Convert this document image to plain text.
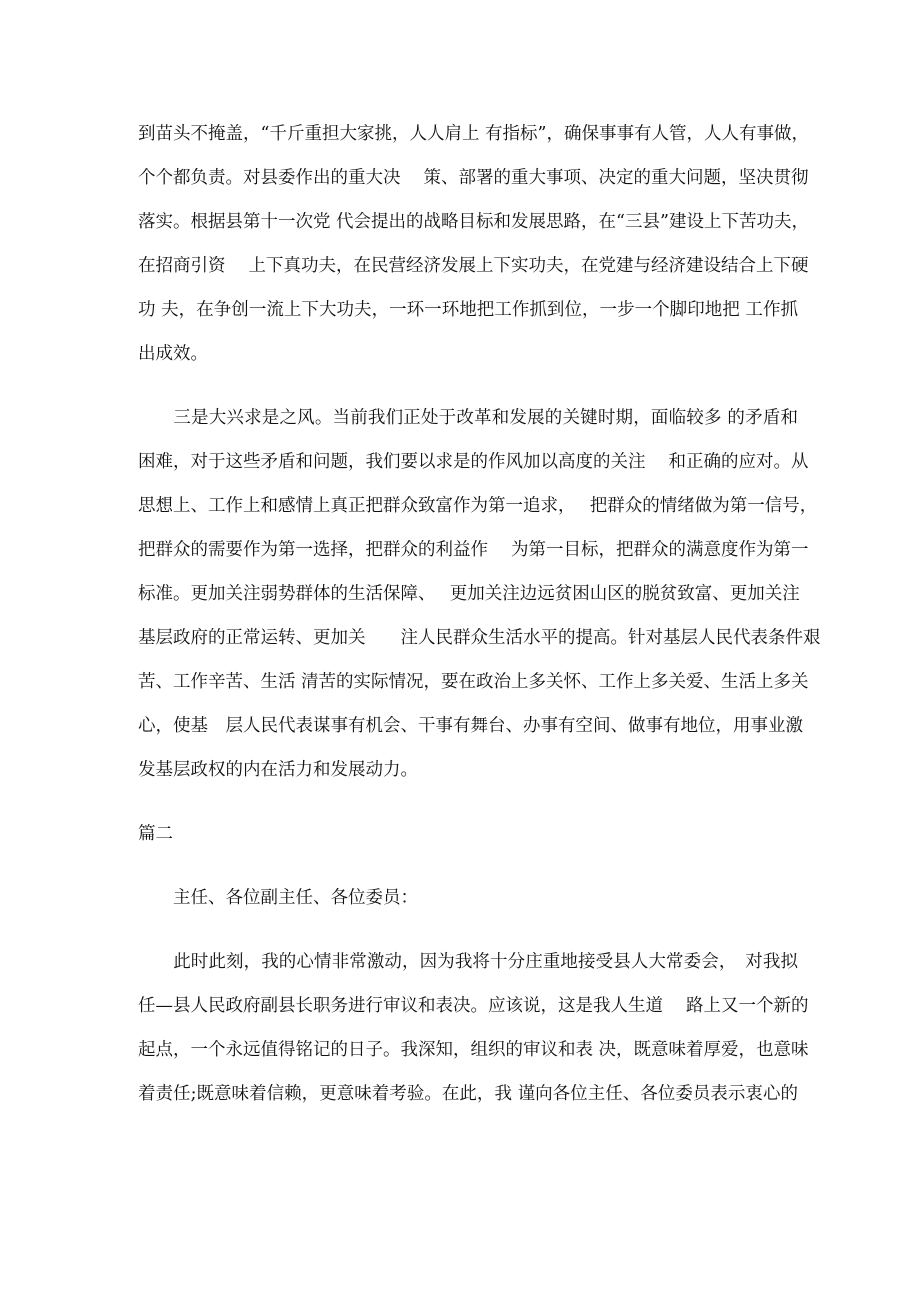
到苗头不掩盖，“千斤重担大家挑，人人肩上 有指标”，确保事事有人管，人人有事做，
个个都负责。对县委作出的重大决　 策、部署的重大事项、决定的重大问题，坚决贯彻
落实。根据县第十一次党 代会提出的战略目标和发展思路，在“三县”建设上下苦功夫，
在招商引资　 上下真功夫，在民营经济发展上下实功夫，在党建与经济建设结合上下硬
功 夫，在争创一流上下大功夫，一环一环地把工作抓到位，一步一个脚印地把 工作抓
出成效。
　　三是大兴求是之风。当前我们正处于改革和发展的关键时期，面临较多 的矛盾和
困难，对于这些矛盾和问题，我们要以求是的作风加以高度的关注　 和正确的应对。从
思想上、工作上和感情上真正把群众致富作为第一追求，　 把群众的情绪做为第一信号，
把群众的需要作为第一选择，把群众的利益作　 为第一目标，把群众的满意度作为第一
标准。更加关注弱势群体的生活保障、　 更加关注边远贫困山区的脱贫致富、更加关注
基层政府的正常运转、更加关　　注人民群众生活水平的提高。针对基层人民代表条件艰
苦、工作辛苦、生活 清苦的实际情况，要在政治上多关怀、工作上多关爱、生活上多关
心，使基　层人民代表谋事有机会、干事有舞台、办事有空间、做事有地位，用事业激
发基层政权的内在活力和发展动力。
篇二
　　主任、各位副主任、各位委员：
　　此时此刻，我的心情非常激动，因为我将十分庄重地接受县人大常委会，　对我拟
任—县人民政府副县长职务进行审议和表决。应该说，这是我人生道　 路上又一个新的
起点，一个永远值得铭记的日子。我深知，组织的审议和表 决，既意味着厚爱，也意味
着责任;既意味着信赖，更意味着考验。在此，我 谨向各位主任、各位委员表示衷心的
